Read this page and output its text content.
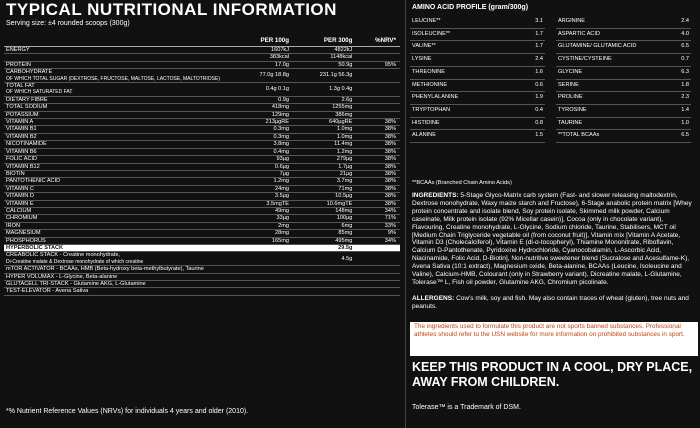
TYPICAL NUTRITIONAL INFORMATION
Serving size: ±4 rounded scoops (300g)
PER 100g	PER 300g	%NRV*
ENERGY	1607kJ	4822kJ
383kcal	1148kcal
PROTEIN	17.0g	50.9g	95%
CARBOHYDRATE
OF WHICH TOTAL SUGAR (DEXTROSE, FRUCTOSE, MALTOSE, LACTOSE, MALTOTRIOSE)
77.0g 18.8g	231.1g 56.3g
TOTAL FAT
OF WHICH SATURATED FAT
0.4g 0.1g	1.3g 0.4g
DIETARY FIBRE	0.9g	2.6g
TOTAL SODIUM	418mg	1255mg
POTASSIUM	129mg	386mg
VITAMIN A	213µgRE	640µgRE	38%
VITAMIN B1	0.3mg	1.0mg	38%
VITAMIN B2	0.3mg	1.0mg	38%
NICOTINAMIDE	3.8mg	11.4mg	38%
VITAMIN B6	0.4mg	1.2mg	38%
FOLIC ACID	93µg	279µg	38%
VITAMIN B12	0.6µg	1.7µg	38%
BIOTIN	7µg	21µg	38%
PANTOTHENIC ACID	1.2mg	3.7mg	38%
VITAMIN C	24mg	71mg	38%
VITAMIN D	3.5µg	10.5µg	38%
VITAMIN E	3.5mgTE	10.6mgTE	38%
CALCIUM	49mg	148mg	34%
CHROMIUM	33µg	100µg	71%
IRON	2mg	6mg	33%
MAGNESIUM	28mg	85mg	9%
PHOSPHORUS	165mg	495mg	34%
HYPERBOLIC STACK	29.5g
CREABOLIC STACK - Creatine monohydrate,
Di-Creatine malate & Dextrose monohydrate of which creatine
4.5g
mTOR ACTIVATOR - BCAAs, HMB (Beta-hydroxy beta-methylbutyrate), Taurine
HYPER VOLUMAX - L-Glycine, Beta-alanine
GLUTACELL TRI-STACK - Glutamine AKG, L-Glutamine
TEST-ELEVATOR - Avena Sativa
*% Nutrient Reference Values (NRVs) for individuals 4 years and older (2010).
AMINO ACID PROFILE (gram/300g)
LEUCINE**	3.1
ISOLEUCINE**	1.7
VALINE**	1.7
LYSINE	2.4
THREONINE	1.6
METHIONINE	0.6
PHENYLALANINE	1.9
TRYPTOPHAN	0.4
HISTIDINE	0.8
ALANINE	1.5
ARGININE	2.4
ASPARTIC ACID	4.0
GLUTAMINE/ GLUTAMIC ACID	6.5
CYSTINE/CYSTEINE	0.7
GLYCINE	6.3
SERINE	1.8
PROLINE	2.3
TYROSINE	1.4
TAURINE	1.0
**TOTAL BCAAs	6.5
**BCAAs (Branched Chain Amino Acids)
INGREDIENTS: 5-Stage Glyco-Matrix carb system (Fast- and slower releasing maltodextrin, Dextrose monohydrate, Waxy maize starch and Fructose), 6-Stage anabolic protein matrix [Whey protein concentrate and isolate blend, Soy protein isolate, Skimmed milk powder, Calcium caseinate, Milk protein isolate (92% Micellar casein)], Cocoa (only in chocolate variant), Flavouring, Creatine monohydrate, L-Glycine, Sodium chloride, Taurine, Stabilisers, MCT oil [Medium Chain Triglyceride vegetable oil (from coconut fruit)], Vitamin mix [Vitamin A Acetate, Vitamin D3 (Cholecalciferol), Vitamin E (dl-α-tocopheryl), Thiamine Mononitrate, Riboflavin, Calcium D-Pantothenate, Pyridoxine Hydrochloride, Cyanocobalamin, L-Ascorbic Acid, Niacinamide, Folic Acid, D-Biotin], Non-nutritive sweetener blend (Sucralose and Acesulfame-K), Avena Sativa (10:1 extract), Magnesium oxide, Beta-alanine, BCAAs (Leucine, Isoleucine and Valine), Calcium-HMB, Colourant (only in Strawberry variant), Dicreatine malate, L-Glutamine, Tolerase™ L, Fish oil powder, Glutamine AKG, Chromium picolinate.
ALLERGENS: Cow's milk, soy and fish. May also contain traces of wheat (gluten), tree nuts and peanuts.
The ingredients used to formulate this product are not sports banned substances. Professional athletes should refer to the USN website for more information on prohibited substances in sport.
KEEP THIS PRODUCT IN A COOL, DRY PLACE, AWAY FROM CHILDREN.
Tolerase™ is a Trademark of DSM.
